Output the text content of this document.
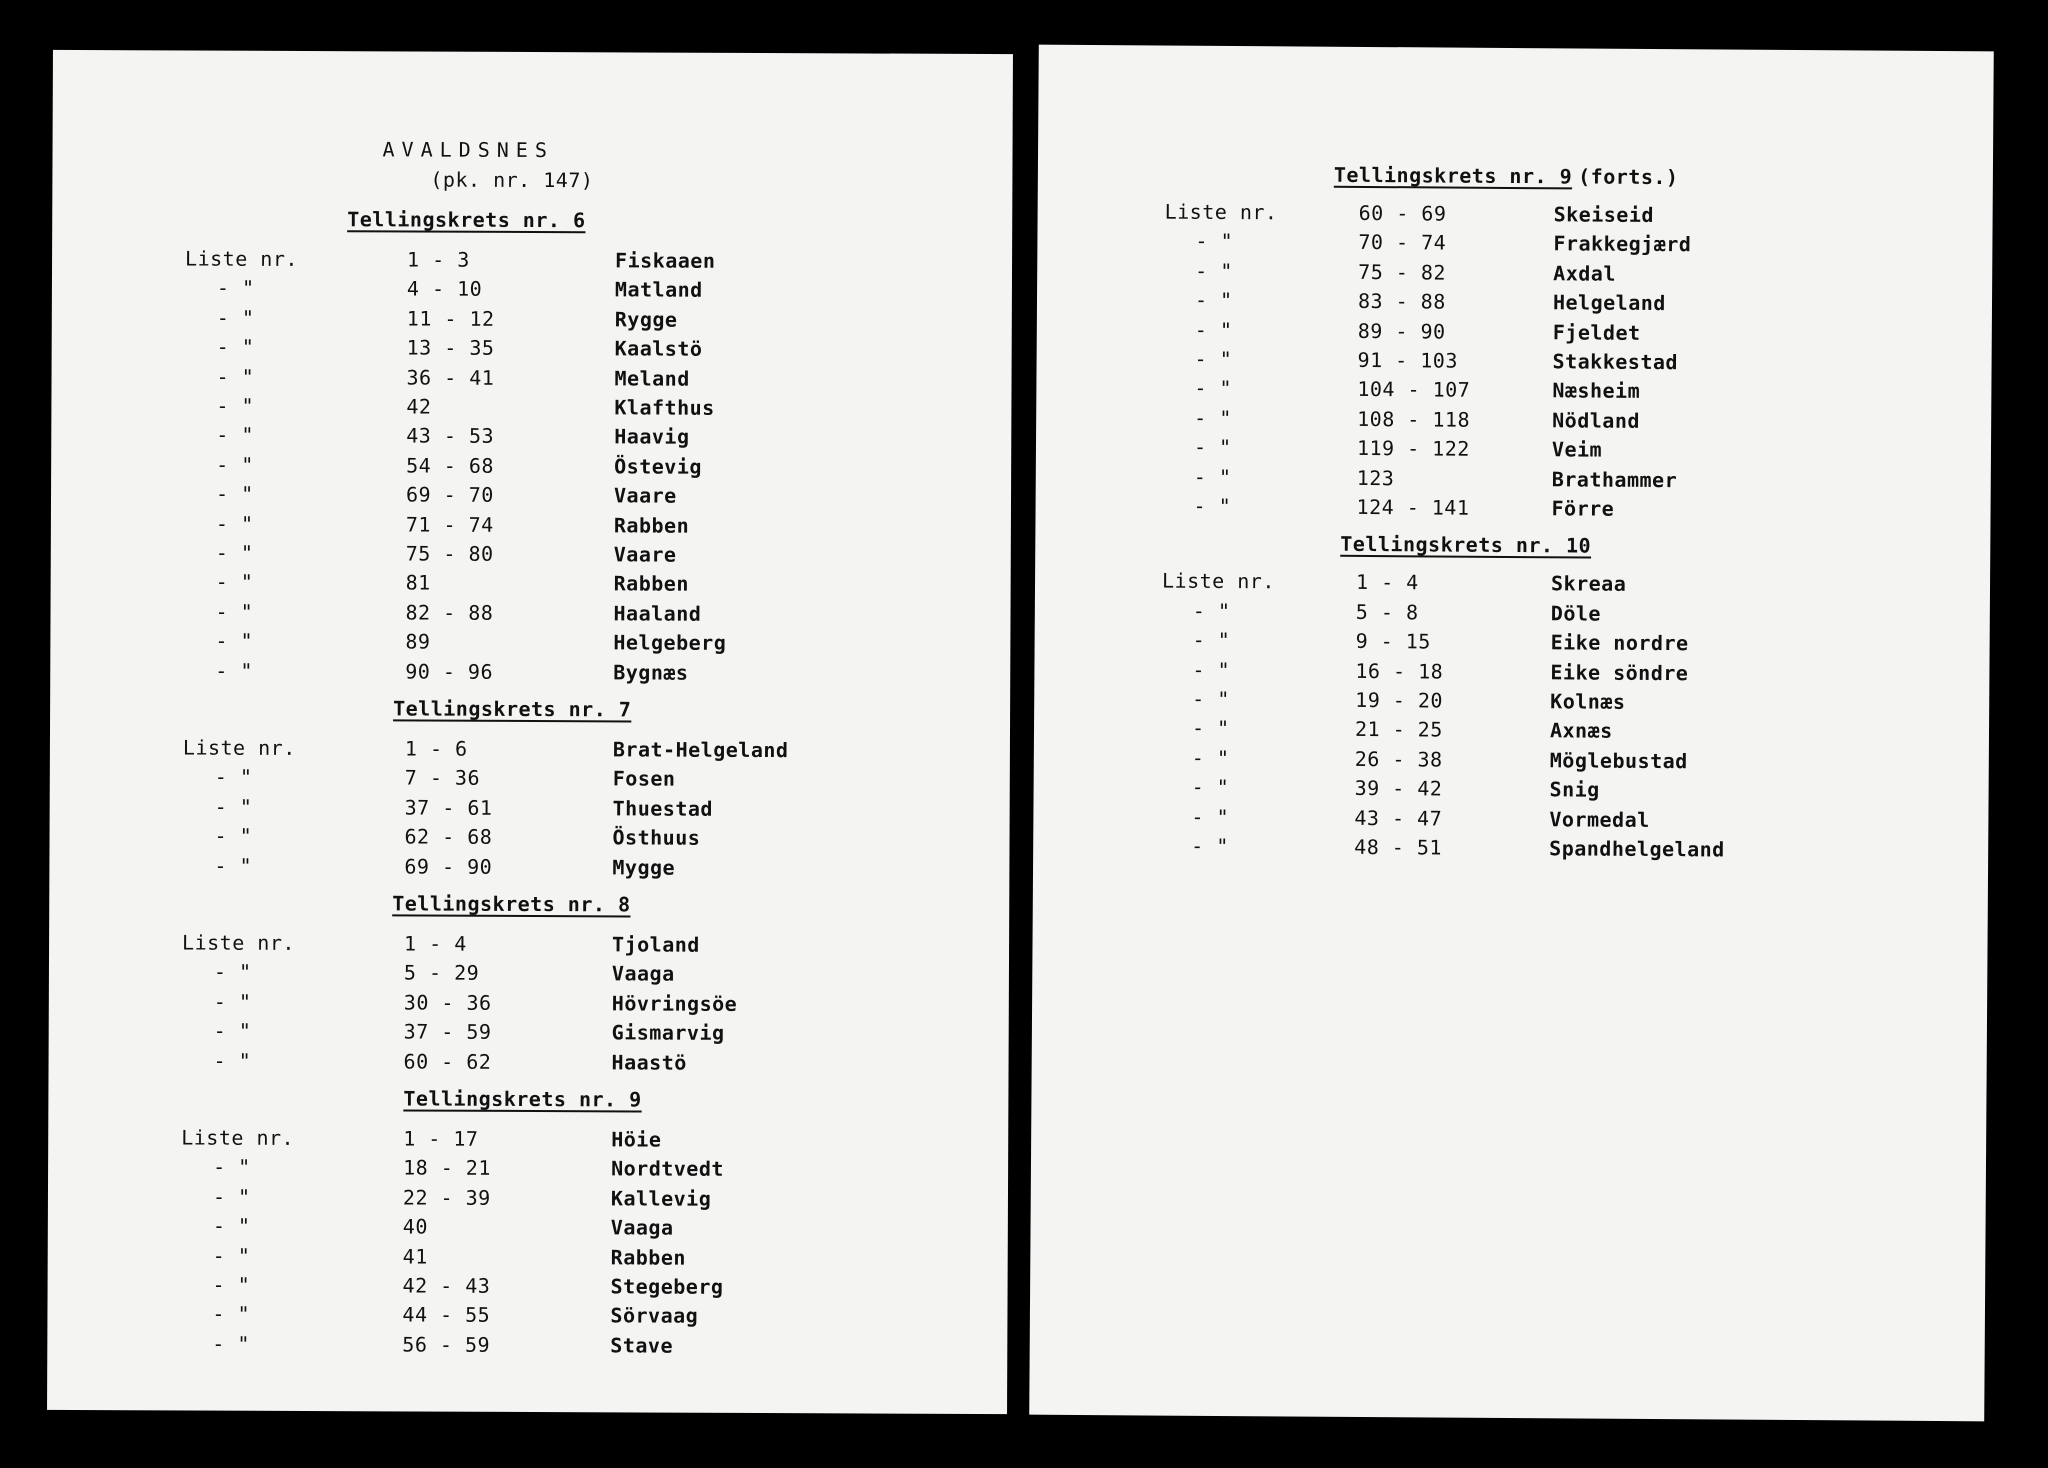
AVALDSNES
(pk. nr. 147)
Tellingskrets nr. 6
Liste nr.	1 - 3	Fiskaaen
- "	4 - 10	Matland
- "	11 - 12	Rygge
- "	13 - 35	Kaalstö
- "	36 - 41	Meland
- "	42	Klafthus
- "	43 - 53	Haavig
- "	54 - 68	Östevig
- "	69 - 70	Vaare
- "	71 - 74	Rabben
- "	75 - 80	Vaare
- "	81	Rabben
- "	82 - 88	Haaland
- "	89	Helgeberg
- "	90 - 96	Bygnæs
Tellingskrets nr. 7
Liste nr.	1 - 6	Brat-Helgeland
- "	7 - 36	Fosen
- "	37 - 61	Thuestad
- "	62 - 68	Östhuus
- "	69 - 90	Mygge
Tellingskrets nr. 8
Liste nr.	1 - 4	Tjoland
- "	5 - 29	Vaaga
- "	30 - 36	Hövringsöe
- "	37 - 59	Gismarvig
- "	60 - 62	Haastö
Tellingskrets nr. 9
Liste nr.	1 - 17	Höie
- "	18 - 21	Nordtvedt
- "	22 - 39	Kallevig
- "	40	Vaaga
- "	41	Rabben
- "	42 - 43	Stegeberg
- "	44 - 55	Sörvaag
- "	56 - 59	Stave
Tellingskrets nr. 9(forts.)
Liste nr.	60 - 69	Skeiseid
- "	70 - 74	Frakkegjærd
- "	75 - 82	Axdal
- "	83 - 88	Helgeland
- "	89 - 90	Fjeldet
- "	91 - 103	Stakkestad
- "	104 - 107	Næsheim
- "	108 - 118	Nödland
- "	119 - 122	Veim
- "	123	Brathammer
- "	124 - 141	Förre
Tellingskrets nr. 10
Liste nr.	1 - 4	Skreaa
- "	5 - 8	Döle
- "	9 - 15	Eike nordre
- "	16 - 18	Eike söndre
- "	19 - 20	Kolnæs
- "	21 - 25	Axnæs
- "	26 - 38	Möglebustad
- "	39 - 42	Snig
- "	43 - 47	Vormedal
- "	48 - 51	Spandhelgeland
